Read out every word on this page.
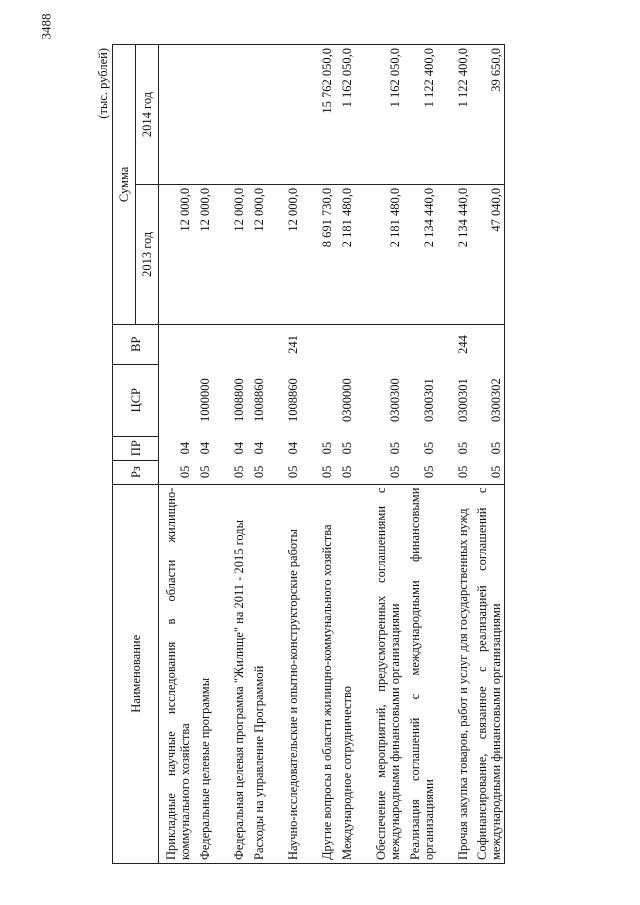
3488
(тыс. рублей)
Наименование	Рз	ПР	ЦСР	ВР	Сумма	
					2013 год	2014 год
Прикладные научные исследования в области жилищно-коммунального хозяйства	05	04			12 000,0	
Федеральные целевые программы	05	04	1000000		12 000,0	
Федеральная целевая программа "Жилище" на 2011 - 2015 годы	05	04	1008800		12 000,0	
Расходы на управление Программой	05	04	1008860		12 000,0	
Научно-исследовательские и опытно-конструкторские работы	05	04	1008860	241	12 000,0	
Другие вопросы в области жилищно-коммунального хозяйства	05	05			8 691 730,0	15 762 050,0
Международное сотрудничество	05	05	0300000		2 181 480,0	1 162 050,0
Обеспечение мероприятий, предусмотренных соглашениями с международными финансовыми организациями	05	05	0300300		2 181 480,0	1 162 050,0
Реализация соглашений с международными финансовыми организациями	05	05	0300301		2 134 440,0	1 122 400,0
Прочая закупка товаров, работ и услуг для государственных нужд	05	05	0300301	244	2 134 440,0	1 122 400,0
Софинансирование, связанное с реализацией соглашений с международными финансовыми организациями	05	05	0300302		47 040,0	39 650,0
